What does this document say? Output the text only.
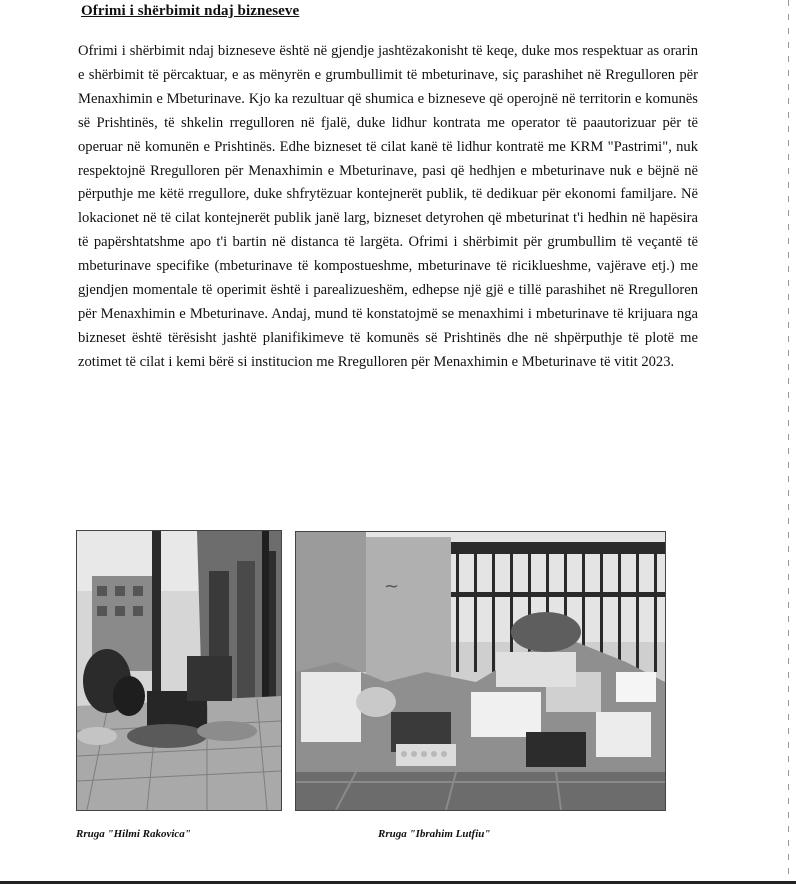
Ofrimi i shërbimit ndaj bizneseve

Ofrimi i shërbimit ndaj bizneseve është në gjendje jashtëzakonisht të keqe, duke mos respektuar as orarin e shërbimit të përcaktuar, e as mënyrën e grumbullimit të mbeturinave, siç parashihet në Rregulloren për Menaxhimin e Mbeturinave. Kjo ka rezultuar që shumica e bizneseve që operojnë në territorin e komunës së Prishtinës, të shkelin rregulloren në fjalë, duke lidhur kontrata me operator të paautorizuar për të operuar në komunën e Prishtinës. Edhe bizneset të cilat kanë të lidhur kontratë me KRM "Pastrimi", nuk respektojnë Rregulloren për Menaxhimin e Mbeturinave, pasi që hedhjen e mbeturinave nuk e bëjnë në përputhje me këtë rregullore, duke shfrytëzuar kontejnerët publik, të dedikuar për ekonomi familjare. Në lokacionet në të cilat kontejnerët publik janë larg, bizneset detyrohen që mbeturinat t'i hedhin në hapësira të papërshtatshme apo t'i bartin në distanca të largëta. Ofrimi i shërbimit për grumbullim të veçantë të mbeturinave specifike (mbeturinave të kompostueshme, mbeturinave të riciklueshme, vajërave etj.) me gjendjen momentale të operimit është i parealizueshëm, edhepse një gjë e tillë parashihet në Rregulloren për Menaxhimin e Mbeturinave. Andaj, mund të konstatojmë se menaxhimi i mbeturinave të krijuara nga bizneset është tërësisht jashtë planifikimeve të komunës së Prishtinës dhe në shpërputhje të plotë me zotimet të cilat i kemi bërë si institucion me Rregulloren për Menaxhimin e Mbeturinave të vitit 2023.

~

Rruga "Hilmi Rakovica"	Rruga "Ibrahim Lutfiu"
